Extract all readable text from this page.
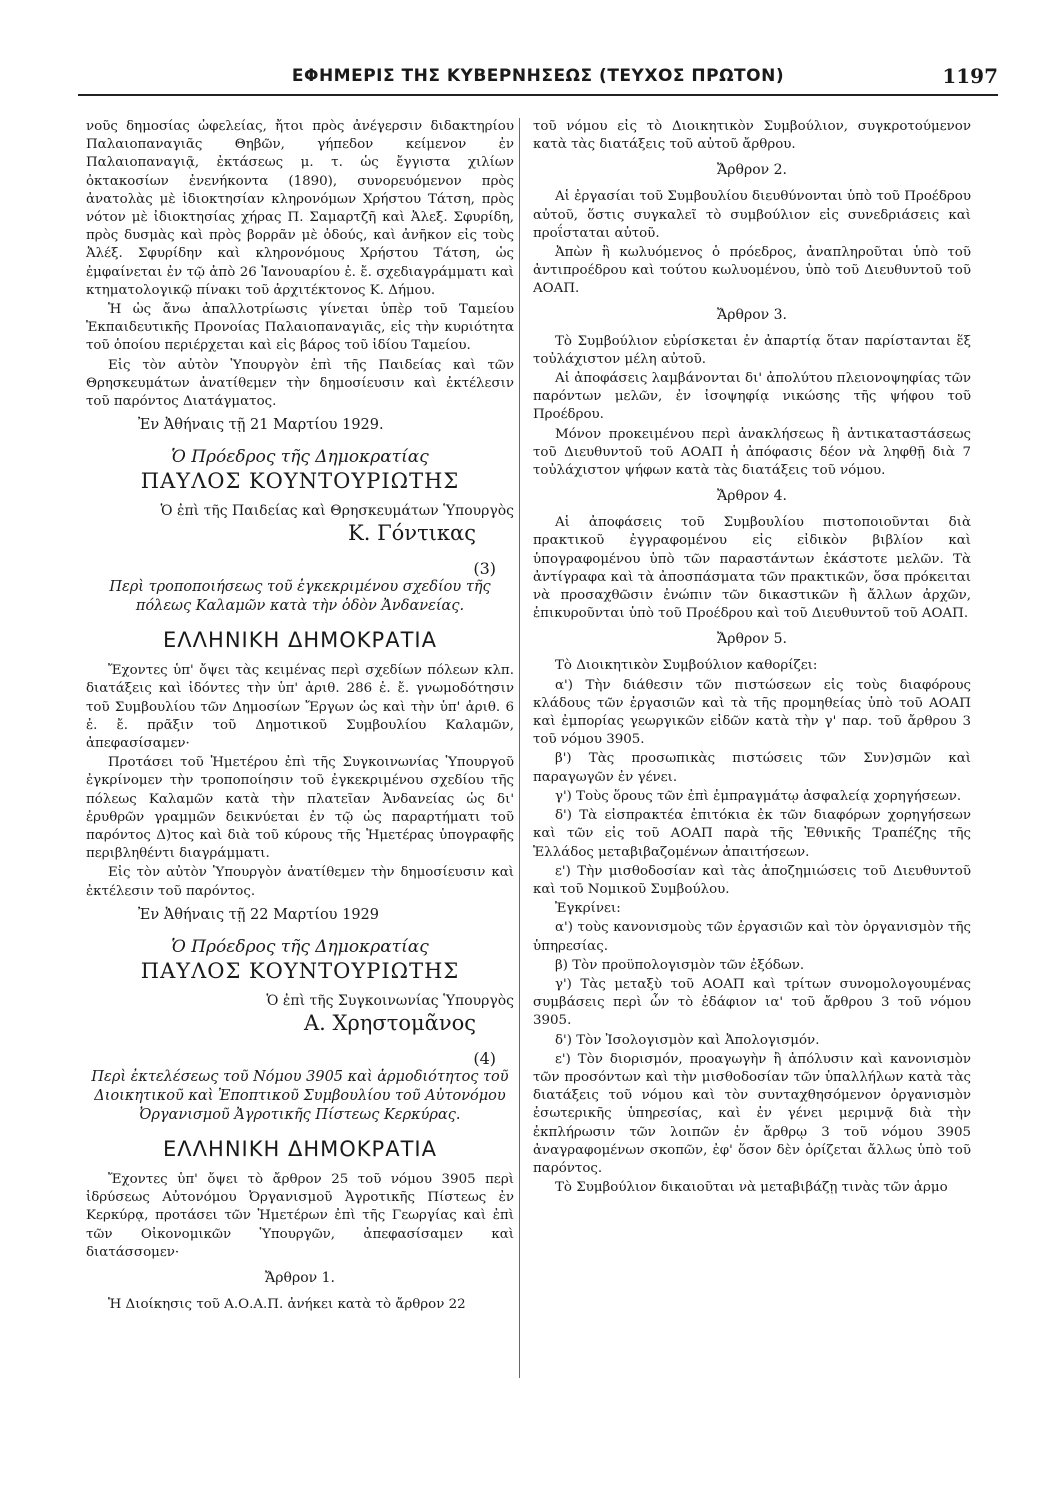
ΕΦΗΜΕΡΙΣ ΤΗΣ ΚΥΒΕΡΝΗΣΕΩΣ (ΤΕΥΧΟΣ ΠΡΩΤΟΝ)	1197

νοῦς δημοσίας ὠφελείας, ἤτοι πρὸς ἀνέγερσιν διδακτηρίου Παλαιοπαναγιᾶς Θηβῶν, γήπεδον κείμενον ἐν Παλαιοπαναγιᾷ, ἐκτάσεως μ. τ. ὡς ἔγγιστα χιλίων ὀκτακοσίων ἐνενήκοντα (1890), συνορευόμενον πρὸς ἀνατολὰς μὲ ἰδιοκτησίαν κληρονόμων Χρήστου Τάτση, πρὸς νότον μὲ ἰδιοκτησίας χήρας Π. Σαμαρτζῆ καὶ Ἀλεξ. Σφυρίδη, πρὸς δυσμὰς καὶ πρὸς βορρᾶν μὲ ὁδούς, καὶ ἀνῆκον εἰς τοὺς Ἀλέξ. Σφυρίδην καὶ κληρονόμους Χρήστου Τάτση, ὡς ἐμφαίνεται ἐν τῷ ἀπὸ 26 Ἰανουαρίου ἐ. ἔ. σχεδιαγράμματι καὶ κτηματολογικῷ πίνακι τοῦ ἀρχιτέκτονος Κ. Δήμου.

Ἡ ὡς ἄνω ἀπαλλοτρίωσις γίνεται ὑπὲρ τοῦ Ταμείου Ἐκπαιδευτικῆς Προνοίας Παλαιοπαναγιᾶς, εἰς τὴν κυριότητα τοῦ ὁποίου περιέρχεται καὶ εἰς βάρος τοῦ ἰδίου Ταμείου.

Εἰς τὸν αὐτὸν Ὑπουργὸν ἐπὶ τῆς Παιδείας καὶ τῶν Θρησκευμάτων ἀνατίθεμεν τὴν δημοσίευσιν καὶ ἐκτέλεσιν τοῦ παρόντος Διατάγματος.

Ἐν Ἀθήναις τῇ 21 Μαρτίου 1929.
Ὁ Πρόεδρος τῆς Δημοκρατίας
ΠΑΥΛΟΣ ΚΟΥΝΤΟΥΡΙΩΤΗΣ
Ὁ ἐπὶ τῆς Παιδείας καὶ Θρησκευμάτων Ὑπουργὸς
Κ. Γόντικας
(3)
Περὶ τροποποιήσεως τοῦ ἐγκεκριμένου σχεδίου τῆς πόλεως Καλαμῶν κατὰ τὴν ὁδὸν Ἀνδανείας.
ΕΛΛΗΝΙΚΗ ΔΗΜΟΚΡΑΤΙΑ

Ἔχοντες ὑπ' ὄψει τὰς κειμένας περὶ σχεδίων πόλεων κλπ. διατάξεις καὶ ἰδόντες τὴν ὑπ' ἀριθ. 286 ἐ. ἔ. γνωμοδότησιν τοῦ Συμβουλίου τῶν Δημοσίων Ἔργων ὡς καὶ τὴν ὑπ' ἀριθ. 6 ἐ. ἔ. πρᾶξιν τοῦ Δημοτικοῦ Συμβουλίου Καλαμῶν, ἀπεφασίσαμεν·

Προτάσει τοῦ Ἡμετέρου ἐπὶ τῆς Συγκοινωνίας Ὑπουργοῦ ἐγκρίνομεν τὴν τροποποίησιν τοῦ ἐγκεκριμένου σχεδίου τῆς πόλεως Καλαμῶν κατὰ τὴν πλατεῖαν Ἀνδανείας ὡς δι' ἐρυθρῶν γραμμῶν δεικνύεται ἐν τῷ ὡς παραρτήματι τοῦ παρόντος Δ)τος καὶ διὰ τοῦ κύρους τῆς Ἡμετέρας ὑπογραφῆς περιβληθέντι διαγράμματι.

Εἰς τὸν αὐτὸν Ὑπουργὸν ἀνατίθεμεν τὴν δημοσίευσιν καὶ ἐκτέλεσιν τοῦ παρόντος.

Ἐν Ἀθήναις τῇ 22 Μαρτίου 1929
Ὁ Πρόεδρος τῆς Δημοκρατίας
ΠΑΥΛΟΣ ΚΟΥΝΤΟΥΡΙΩΤΗΣ
Ὁ ἐπὶ τῆς Συγκοινωνίας Ὑπουργὸς
Α. Χρηστομᾶνος
(4)
Περὶ ἐκτελέσεως τοῦ Νόμου 3905 καὶ ἁρμοδιότητος τοῦ Διοικητικοῦ καὶ Ἐποπτικοῦ Συμβουλίου τοῦ Αὐτονόμου Ὀργανισμοῦ Ἀγροτικῆς Πίστεως Κερκύρας.
ΕΛΛΗΝΙΚΗ ΔΗΜΟΚΡΑΤΙΑ

Ἔχοντες ὑπ' ὄψει τὸ ἄρθρον 25 τοῦ νόμου 3905 περὶ ἱδρύσεως Αὐτονόμου Ὀργανισμοῦ Ἀγροτικῆς Πίστεως ἐν Κερκύρᾳ, προτάσει τῶν Ἡμετέρων ἐπὶ τῆς Γεωργίας καὶ ἐπὶ τῶν Οἰκονομικῶν Ὑπουργῶν, ἀπεφασίσαμεν καὶ διατάσσομεν·

Ἄρθρον 1.

Ἡ Διοίκησις τοῦ Α.Ο.Α.Π. ἀνήκει κατὰ τὸ ἄρθρον 22

τοῦ νόμου εἰς τὸ Διοικητικὸν Συμβούλιον, συγκροτούμενον κατὰ τὰς διατάξεις τοῦ αὐτοῦ ἄρθρου.

Ἄρθρον 2.

Αἱ ἐργασίαι τοῦ Συμβουλίου διευθύνονται ὑπὸ τοῦ Προέδρου αὐτοῦ, ὅστις συγκαλεῖ τὸ συμβούλιον εἰς συνεδριάσεις καὶ προΐσταται αὐτοῦ.

Ἀπὼν ἢ κωλυόμενος ὁ πρόεδρος, ἀναπληροῦται ὑπὸ τοῦ ἀντιπροέδρου καὶ τούτου κωλυομένου, ὑπὸ τοῦ Διευθυντοῦ τοῦ ΑΟΑΠ.

Ἄρθρον 3.

Τὸ Συμβούλιον εὑρίσκεται ἐν ἀπαρτίᾳ ὅταν παρίστανται ἕξ τοὐλάχιστον μέλη αὐτοῦ.

Αἱ ἀποφάσεις λαμβάνονται δι' ἀπολύτου πλειονοψηφίας τῶν παρόντων μελῶν, ἐν ἰσοψηφίᾳ νικώσης τῆς ψήφου τοῦ Προέδρου.

Μόνον προκειμένου περὶ ἀνακλήσεως ἢ ἀντικαταστάσεως τοῦ Διευθυντοῦ τοῦ ΑΟΑΠ ἡ ἀπόφασις δέον νὰ ληφθῇ διὰ 7 τοὐλάχιστον ψήφων κατὰ τὰς διατάξεις τοῦ νόμου.

Ἄρθρον 4.

Αἱ ἀποφάσεις τοῦ Συμβουλίου πιστοποιοῦνται διὰ πρακτικοῦ ἐγγραφομένου εἰς εἰδικὸν βιβλίον καὶ ὑπογραφομένου ὑπὸ τῶν παραστάντων ἑκάστοτε μελῶν. Τὰ ἀντίγραφα καὶ τὰ ἀποσπάσματα τῶν πρακτικῶν, ὅσα πρόκειται νὰ προσαχθῶσιν ἐνώπιν τῶν δικαστικῶν ἢ ἄλλων ἀρχῶν, ἐπικυροῦνται ὑπὸ τοῦ Προέδρου καὶ τοῦ Διευθυντοῦ τοῦ ΑΟΑΠ.

Ἄρθρον 5.

Τὸ Διοικητικὸν Συμβούλιον καθορίζει:

α') Τὴν διάθεσιν τῶν πιστώσεων εἰς τοὺς διαφόρους κλάδους τῶν ἐργασιῶν καὶ τὰ τῆς προμηθείας ὑπὸ τοῦ ΑΟΑΠ καὶ ἐμπορίας γεωργικῶν εἰδῶν κατὰ τὴν γ' παρ. τοῦ ἄρθρου 3 τοῦ νόμου 3905.

β') Τὰς προσωπικὰς πιστώσεις τῶν Συν)σμῶν καὶ παραγωγῶν ἐν γένει.

γ') Τοὺς ὅρους τῶν ἐπὶ ἐμπραγμάτῳ ἀσφαλείᾳ χορηγήσεων.

δ') Τὰ εἰσπρακτέα ἐπιτόκια ἐκ τῶν διαφόρων χορηγήσεων καὶ τῶν εἰς τοῦ ΑΟΑΠ παρὰ τῆς Ἐθνικῆς Τραπέζης τῆς Ἑλλάδος μεταβιβαζομένων ἀπαιτήσεων.

ε') Τὴν μισθοδοσίαν καὶ τὰς ἀποζημιώσεις τοῦ Διευθυντοῦ καὶ τοῦ Νομικοῦ Συμβούλου.

Ἐγκρίνει:

α') τοὺς κανονισμοὺς τῶν ἐργασιῶν καὶ τὸν ὀργανισμὸν τῆς ὑπηρεσίας.

β) Τὸν προϋπολογισμὸν τῶν ἐξόδων.

γ') Τὰς μεταξὺ τοῦ ΑΟΑΠ καὶ τρίτων συνομολογουμένας συμβάσεις περὶ ὧν τὸ ἐδάφιον ια' τοῦ ἄρθρου 3 τοῦ νόμου 3905.

δ') Τὸν Ἰσολογισμὸν καὶ Ἀπολογισμόν.

ε') Τὸν διορισμόν, προαγωγὴν ἢ ἀπόλυσιν καὶ κανονισμὸν τῶν προσόντων καὶ τὴν μισθοδοσίαν τῶν ὑπαλλήλων κατὰ τὰς διατάξεις τοῦ νόμου καὶ τὸν συνταχθησόμενον ὀργανισμὸν ἐσωτερικῆς ὑπηρεσίας, καὶ ἐν γένει μεριμνᾷ διὰ τὴν ἐκπλήρωσιν τῶν λοιπῶν ἐν ἄρθρῳ 3 τοῦ νόμου 3905 ἀναγραφομένων σκοπῶν, ἐφ' ὅσον δὲν ὁρίζεται ἄλλως ὑπὸ τοῦ παρόντος.

Τὸ Συμβούλιον δικαιοῦται νὰ μεταβιβάζῃ τινὰς τῶν ἁρμο
